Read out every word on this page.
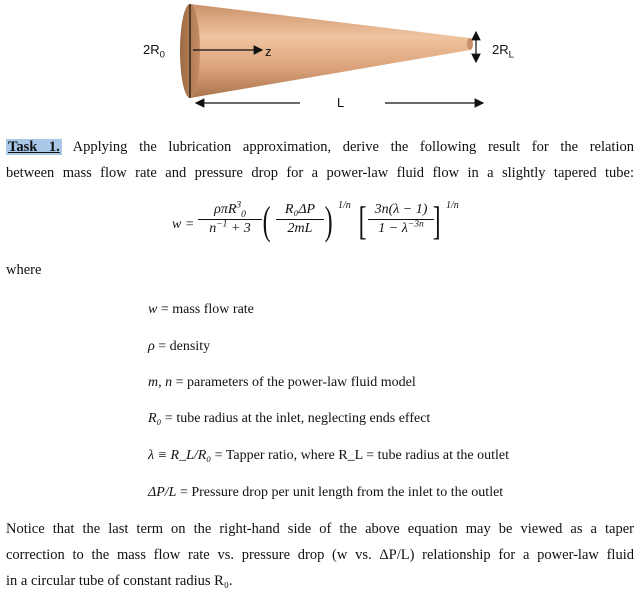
$2R_0$	z	$2R_L$
L
Task 1. Applying the lubrication approximation, derive the following result for the relation
between mass flow rate and pressure drop for a power-law fluid flow in a slightly tapered tube:
w =
ρπR$^3_0$
$n^{-1} + 3$ (	R₀ΔP
2mL ) 1/n [ 3n(λ − 1)
$1 - \lambda^{-3n}$ ] 1/n
where
w = mass flow rate
ρ = density
m, n = parameters of the power-law fluid model
R₀ = tube radius at the inlet, neglecting ends effect
λ ≡ R_L/R₀ = Tapper ratio, where R_L = tube radius at the outlet
ΔP/L = Pressure drop per unit length from the inlet to the outlet
Notice that the last term on the right-hand side of the above equation may be viewed as a taper
correction to the mass flow rate vs. pressure drop (w vs. ΔP/L) relationship for a power-law fluid
in a circular tube of constant radius R₀.
